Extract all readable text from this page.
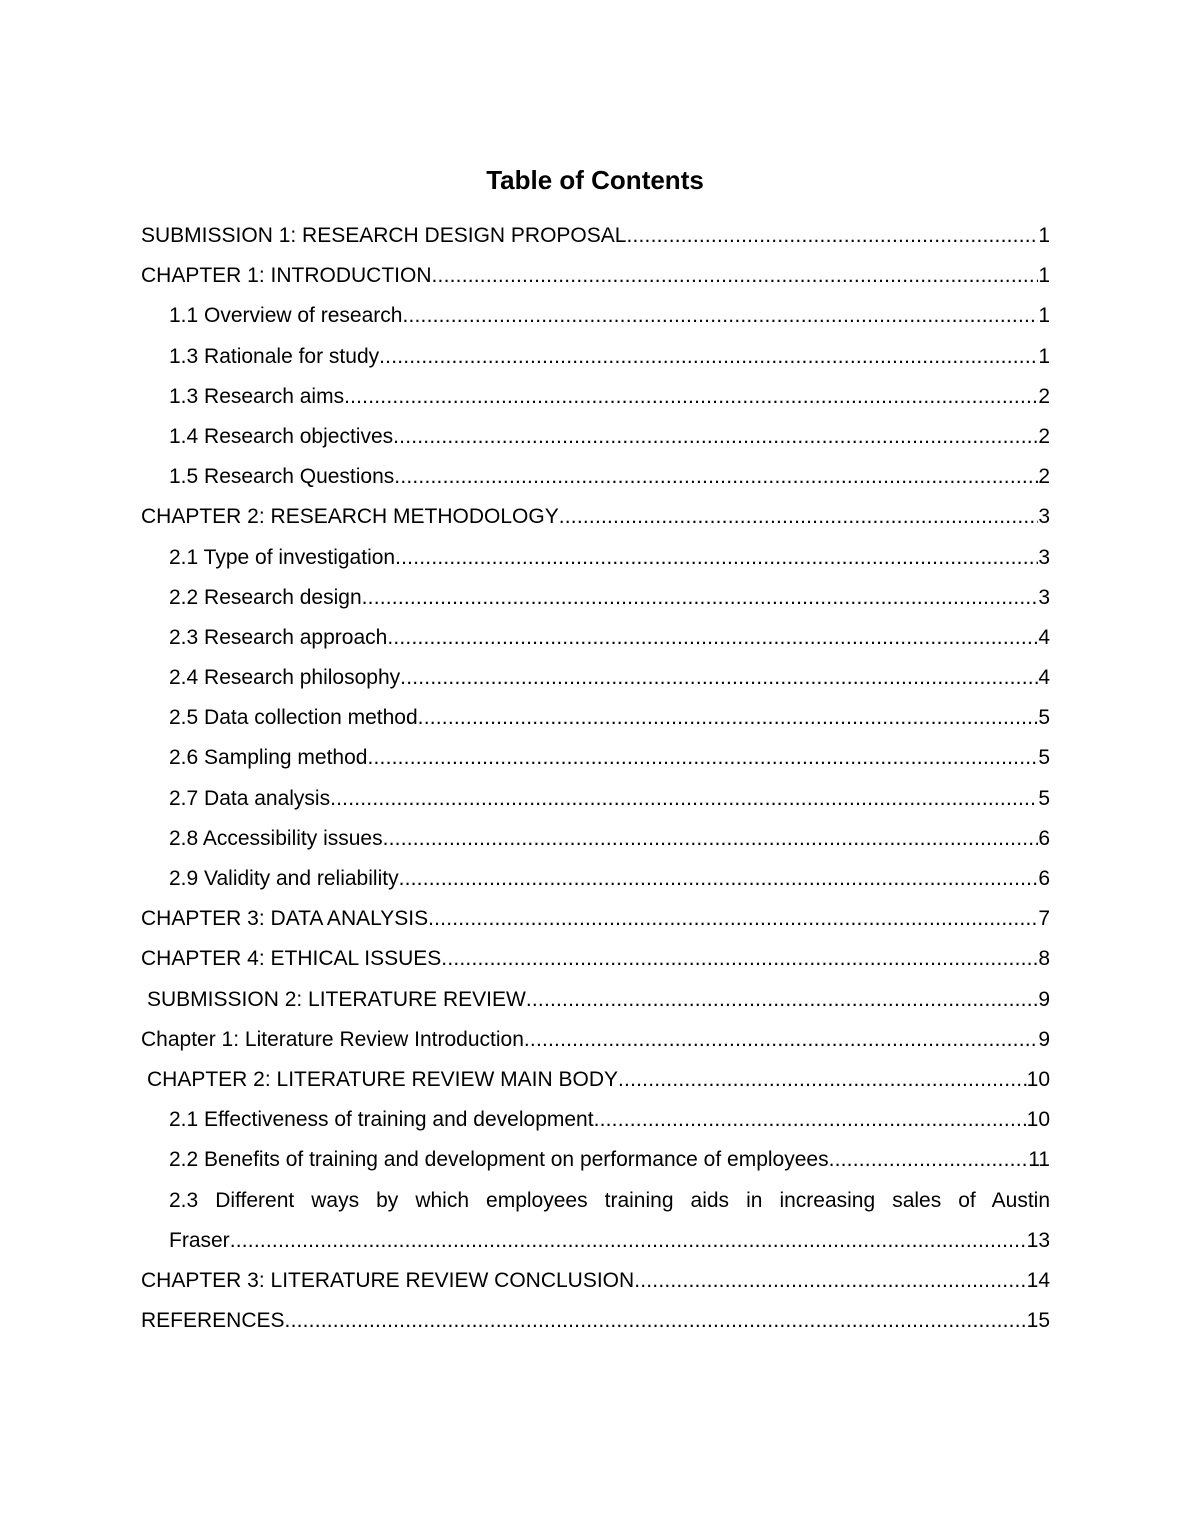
Table of Contents
SUBMISSION 1: RESEARCH DESIGN PROPOSAL .....	1
CHAPTER 1: INTRODUCTION .....	1
1.1 Overview of research .....	1
1.3 Rationale for study .....	1
1.3 Research aims .....	2
1.4 Research objectives .....	2
1.5 Research Questions .....	2
CHAPTER 2: RESEARCH METHODOLOGY .....	3
2.1 Type of investigation .....	3
2.2 Research design .....	3
2.3 Research approach .....	4
2.4 Research philosophy .....	4
2.5 Data collection method .....	5
2.6 Sampling method .....	5
2.7 Data analysis .....	5
2.8 Accessibility issues .....	6
2.9 Validity and reliability .....	6
CHAPTER 3: DATA ANALYSIS .....	7
CHAPTER 4: ETHICAL ISSUES .....	8
SUBMISSION 2: LITERATURE REVIEW .....	9
Chapter 1: Literature Review Introduction .....	9
CHAPTER 2: LITERATURE REVIEW MAIN BODY .....	10
2.1 Effectiveness of training and development .....	10
2.2 Benefits of training and development on performance of employees .....	11
2.3 Different ways by which employees training aids in increasing sales of Austin
Fraser .....	13
CHAPTER 3: LITERATURE REVIEW CONCLUSION .....	14
REFERENCES .....	15
